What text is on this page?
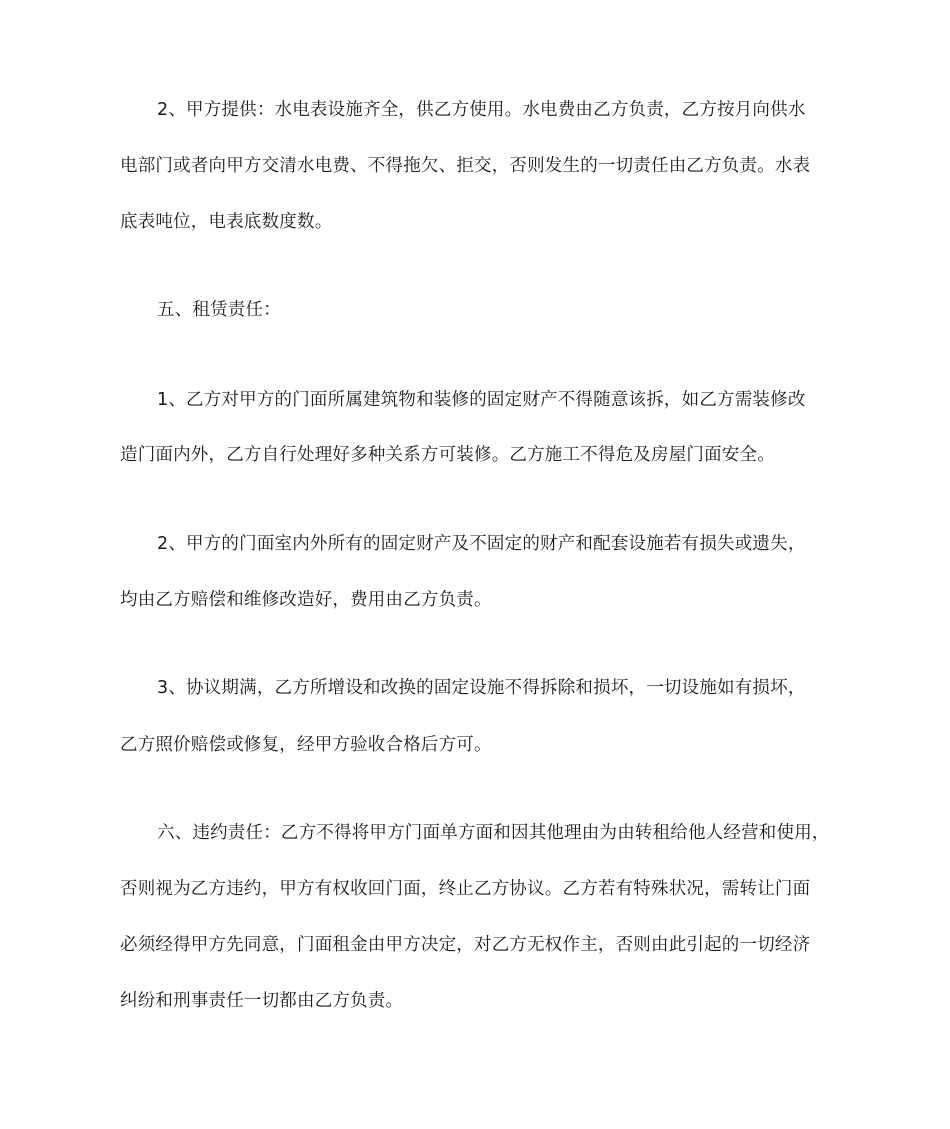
2、甲方提供：水电表设施齐全，供乙方使用。水电费由乙方负责，乙方按月向供水
电部门或者向甲方交清水电费、不得拖欠、拒交，否则发生的一切责任由乙方负责。水表
底表吨位，电表底数度数。
五、租赁责任：
1、乙方对甲方的门面所属建筑物和装修的固定财产不得随意该拆，如乙方需装修改
造门面内外，乙方自行处理好多种关系方可装修。乙方施工不得危及房屋门面安全。
2、甲方的门面室内外所有的固定财产及不固定的财产和配套设施若有损失或遗失，
均由乙方赔偿和维修改造好，费用由乙方负责。
3、协议期满，乙方所增设和改换的固定设施不得拆除和损坏，一切设施如有损坏，
乙方照价赔偿或修复，经甲方验收合格后方可。
六、违约责任：乙方不得将甲方门面单方面和因其他理由为由转租给他人经营和使用，
否则视为乙方违约，甲方有权收回门面，终止乙方协议。乙方若有特殊状况，需转让门面
必须经得甲方先同意，门面租金由甲方决定，对乙方无权作主，否则由此引起的一切经济
纠纷和刑事责任一切都由乙方负责。
